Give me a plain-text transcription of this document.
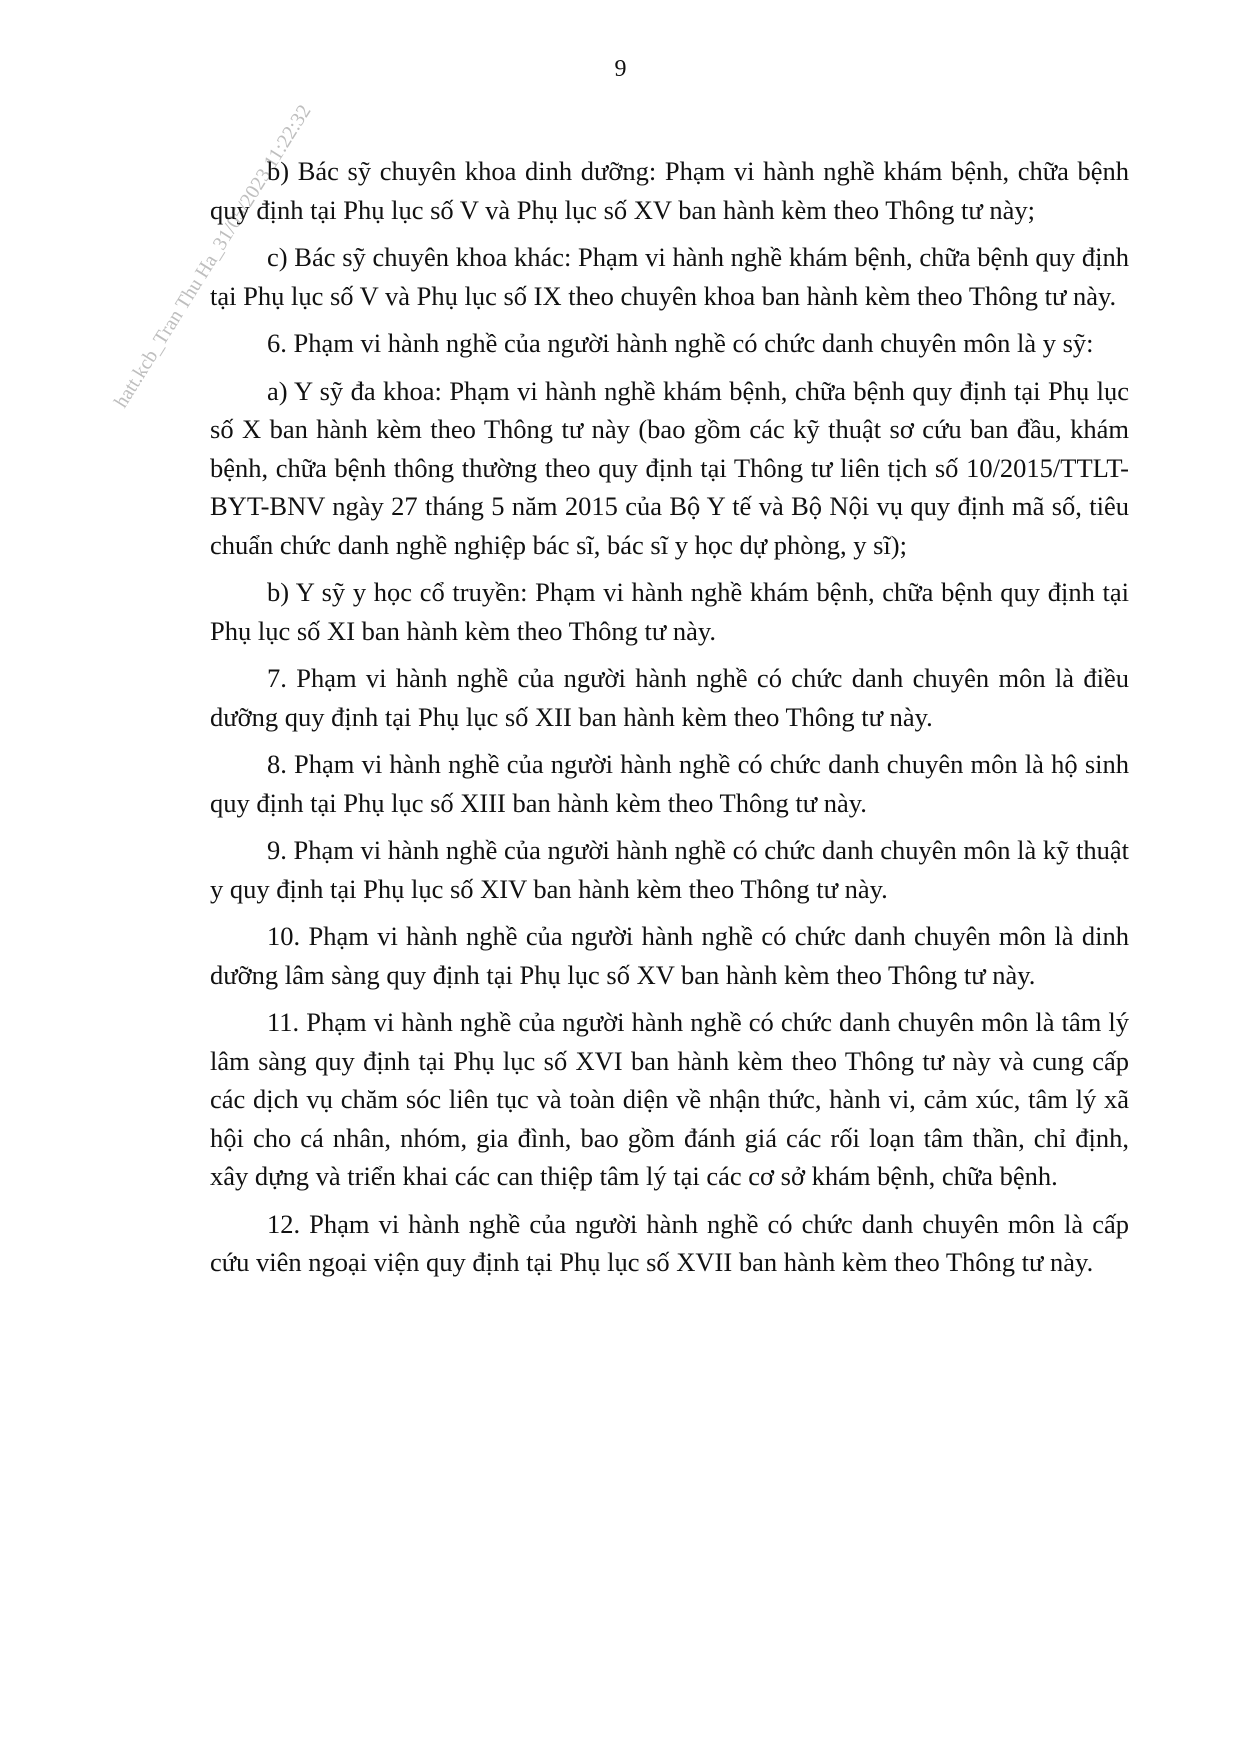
9
hatt.kcb_Tran Thu Ha_31/05/2023 11:22:32

b) Bác sỹ chuyên khoa dinh dưỡng: Phạm vi hành nghề khám bệnh, chữa bệnh quy định tại Phụ lục số V và Phụ lục số XV ban hành kèm theo Thông tư này;

c) Bác sỹ chuyên khoa khác: Phạm vi hành nghề khám bệnh, chữa bệnh quy định tại Phụ lục số V và Phụ lục số IX theo chuyên khoa ban hành kèm theo Thông tư này.

6. Phạm vi hành nghề của người hành nghề có chức danh chuyên môn là y sỹ:

a) Y sỹ đa khoa: Phạm vi hành nghề khám bệnh, chữa bệnh quy định tại Phụ lục số X ban hành kèm theo Thông tư này (bao gồm các kỹ thuật sơ cứu ban đầu, khám bệnh, chữa bệnh thông thường theo quy định tại Thông tư liên tịch số 10/2015/TTLT-BYT-BNV ngày 27 tháng 5 năm 2015 của Bộ Y tế và Bộ Nội vụ quy định mã số, tiêu chuẩn chức danh nghề nghiệp bác sĩ, bác sĩ y học dự phòng, y sĩ);

b) Y sỹ y học cổ truyền: Phạm vi hành nghề khám bệnh, chữa bệnh quy định tại Phụ lục số XI ban hành kèm theo Thông tư này.

7. Phạm vi hành nghề của người hành nghề có chức danh chuyên môn là điều dưỡng quy định tại Phụ lục số XII ban hành kèm theo Thông tư này.

8. Phạm vi hành nghề của người hành nghề có chức danh chuyên môn là hộ sinh quy định tại Phụ lục số XIII ban hành kèm theo Thông tư này.

9. Phạm vi hành nghề của người hành nghề có chức danh chuyên môn là kỹ thuật y quy định tại Phụ lục số XIV ban hành kèm theo Thông tư này.

10. Phạm vi hành nghề của người hành nghề có chức danh chuyên môn là dinh dưỡng lâm sàng quy định tại Phụ lục số XV ban hành kèm theo Thông tư này.

11. Phạm vi hành nghề của người hành nghề có chức danh chuyên môn là tâm lý lâm sàng quy định tại Phụ lục số XVI ban hành kèm theo Thông tư này và cung cấp các dịch vụ chăm sóc liên tục và toàn diện về nhận thức, hành vi, cảm xúc, tâm lý xã hội cho cá nhân, nhóm, gia đình, bao gồm đánh giá các rối loạn tâm thần, chỉ định, xây dựng và triển khai các can thiệp tâm lý tại các cơ sở khám bệnh, chữa bệnh.

12. Phạm vi hành nghề của người hành nghề có chức danh chuyên môn là cấp cứu viên ngoại viện quy định tại Phụ lục số XVII ban hành kèm theo Thông tư này.
